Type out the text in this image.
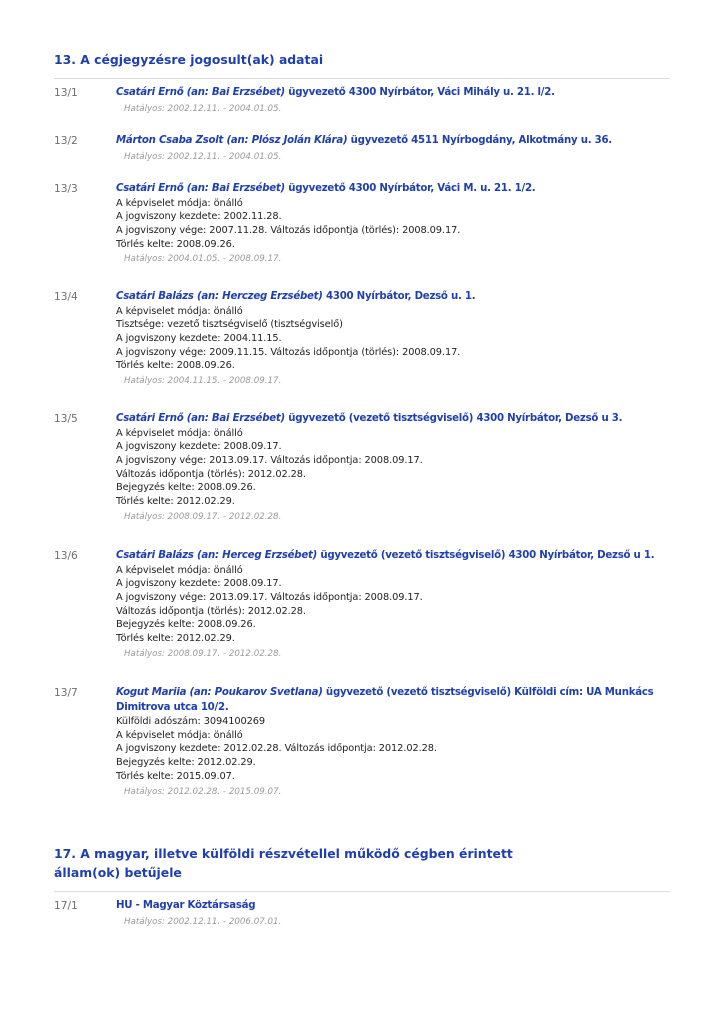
13. A cégjegyzésre jogosult(ak) adatai
13/1	Csatári Ernő (an: Bai Erzsébet) ügyvezető 4300 Nyírbátor, Váci Mihály u. 21. l/2.
Hatályos: 2002.12.11. - 2004.01.05.
13/2	Márton Csaba Zsolt (an: Plósz Jolán Klára) ügyvezető 4511 Nyírbogdány, Alkotmány u. 36.
Hatályos: 2002.12.11. - 2004.01.05.
13/3	Csatári Ernő (an: Bai Erzsébet) ügyvezető 4300 Nyírbátor, Váci M. u. 21. 1/2.
A képviselet módja: önálló
A jogviszony kezdete: 2002.11.28.
A jogviszony vége: 2007.11.28. Változás időpontja (törlés): 2008.09.17.
Törlés kelte: 2008.09.26.
Hatályos: 2004.01.05. - 2008.09.17.
13/4	Csatári Balázs (an: Herczeg Erzsébet) 4300 Nyírbátor, Dezső u. 1.
A képviselet módja: önálló
Tisztsége: vezető tisztségviselő (tisztségviselő)
A jogviszony kezdete: 2004.11.15.
A jogviszony vége: 2009.11.15. Változás időpontja (törlés): 2008.09.17.
Törlés kelte: 2008.09.26.
Hatályos: 2004.11.15. - 2008.09.17.
13/5	Csatári Ernő (an: Bai Erzsébet) ügyvezető (vezető tisztségviselő) 4300 Nyírbátor, Dezső u 3.
A képviselet módja: önálló
A jogviszony kezdete: 2008.09.17.
A jogviszony vége: 2013.09.17. Változás időpontja: 2008.09.17.
Változás időpontja (törlés): 2012.02.28.
Bejegyzés kelte: 2008.09.26.
Törlés kelte: 2012.02.29.
Hatályos: 2008.09.17. - 2012.02.28.
13/6	Csatári Balázs (an: Herceg Erzsébet) ügyvezető (vezető tisztségviselő) 4300 Nyírbátor, Dezső u 1.
A képviselet módja: önálló
A jogviszony kezdete: 2008.09.17.
A jogviszony vége: 2013.09.17. Változás időpontja: 2008.09.17.
Változás időpontja (törlés): 2012.02.28.
Bejegyzés kelte: 2008.09.26.
Törlés kelte: 2012.02.29.
Hatályos: 2008.09.17. - 2012.02.28.
13/7	Kogut Mariia (an: Poukarov Svetlana) ügyvezető (vezető tisztségviselő) Külföldi cím: UA Munkács Dimitrova utca 10/2.
Külföldi adószám: 3094100269
A képviselet módja: önálló
A jogviszony kezdete: 2012.02.28. Változás időpontja: 2012.02.28.
Bejegyzés kelte: 2012.02.29.
Törlés kelte: 2015.09.07.
Hatályos: 2012.02.28. - 2015.09.07.
17. A magyar, illetve külföldi részvétellel működő cégben érintett
állam(ok) betűjele
17/1	HU - Magyar Köztársaság
Hatályos: 2002.12.11. - 2006.07.01.
